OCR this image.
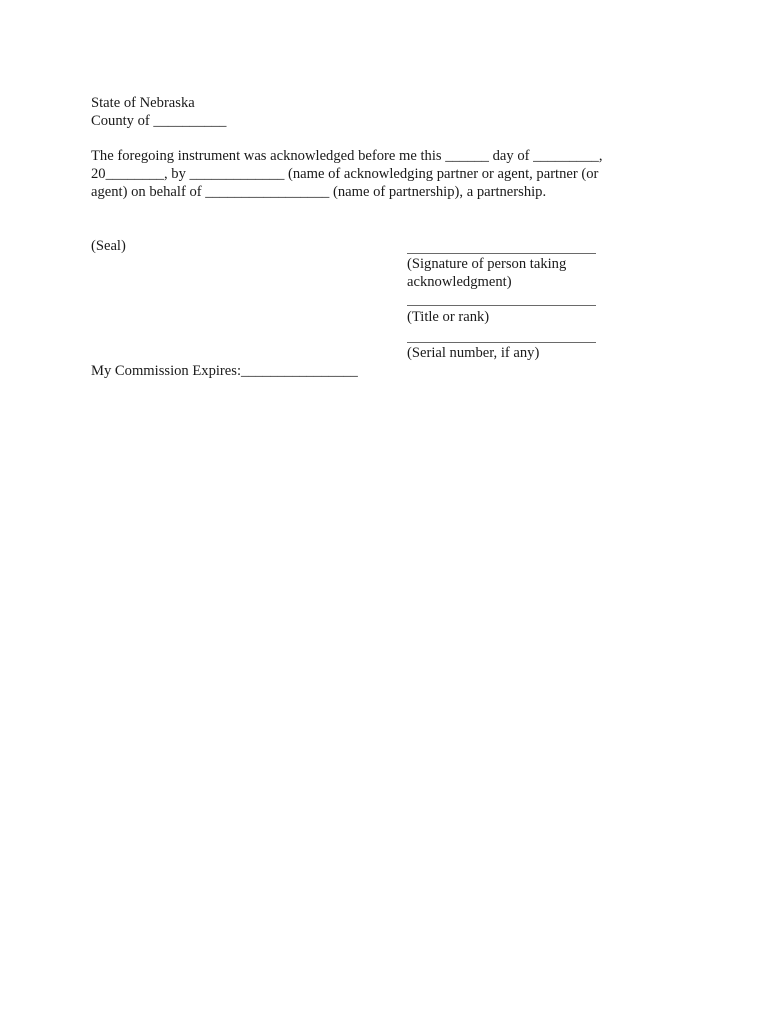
State of Nebraska
County of __________
The foregoing instrument was acknowledged before me this ______ day of _________,
20________, by _____________ (name of acknowledging partner or agent, partner (or
agent) on behalf of _________________ (name of partnership), a partnership.
(Seal)
(Signature of person taking
acknowledgment)
(Title or rank)
(Serial number, if any)
My Commission Expires:________________
